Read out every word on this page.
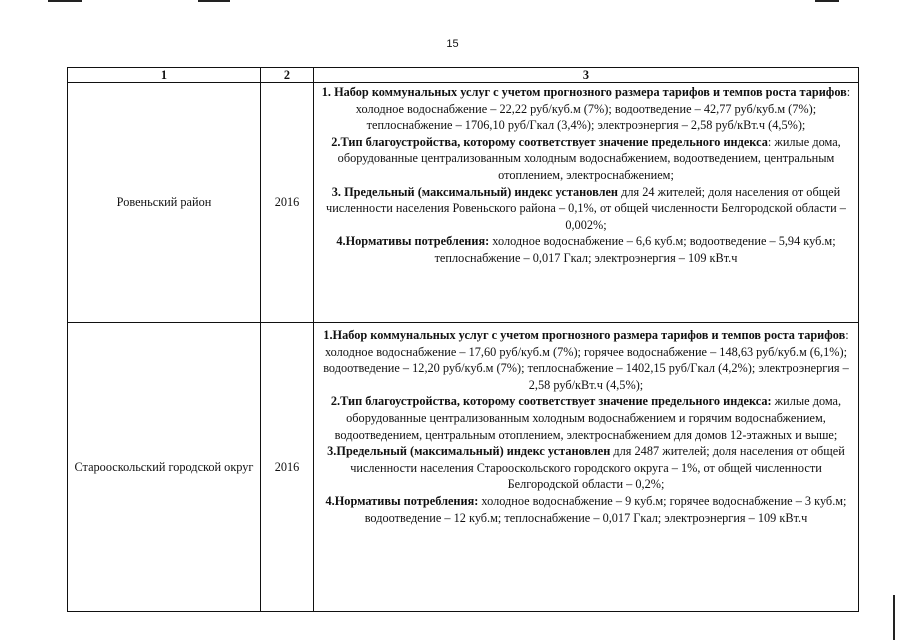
15
1	2	3
Ровеньский район	2016	1. Набор коммунальных услуг с учетом прогнозного размера тарифов и темпов роста тарифов: холодное водоснабжение – 22,22 руб/куб.м (7%); водоотведение – 42,77 руб/куб.м (7%); теплоснабжение – 1706,10 руб/Гкал (3,4%); электроэнергия – 2,58 руб/кВт.ч (4,5%);
2.Тип благоустройства, которому соответствует значение предельного индекса: жилые дома, оборудованные централизованным холодным водоснабжением, водоотведением, центральным отоплением, электроснабжением;
3. Предельный (максимальный) индекс установлен для 24 жителей; доля населения от общей численности населения Ровеньского района – 0,1%, от общей численности Белгородской области – 0,002%;
4.Нормативы потребления: холодное водоснабжение – 6,6 куб.м; водоотведение – 5,94 куб.м; теплоснабжение – 0,017 Гкал; электроэнергия – 109 кВт.ч

Старооскольский городской округ	2016	1.Набор коммунальных услуг с учетом прогнозного размера тарифов и темпов роста тарифов: холодное водоснабжение – 17,60 руб/куб.м (7%); горячее водоснабжение – 148,63 руб/куб.м (6,1%); водоотведение – 12,20 руб/куб.м (7%); теплоснабжение – 1402,15 руб/Гкал (4,2%); электроэнергия – 2,58 руб/кВт.ч (4,5%);
2.Тип благоустройства, которому соответствует значение предельного индекса: жилые дома, оборудованные централизованным холодным водоснабжением и горячим водоснабжением, водоотведением, центральным отоплением, электроснабжением для домов 12-этажных и выше;
3.Предельный (максимальный) индекс установлен для 2487 жителей; доля населения от общей численности населения Старооскольского городского округа – 1%, от общей численности Белгородской области – 0,2%;
4.Нормативы потребления: холодное водоснабжение – 9 куб.м; горячее водоснабжение – 3 куб.м; водоотведение – 12 куб.м; теплоснабжение – 0,017 Гкал; электроэнергия – 109 кВт.ч
